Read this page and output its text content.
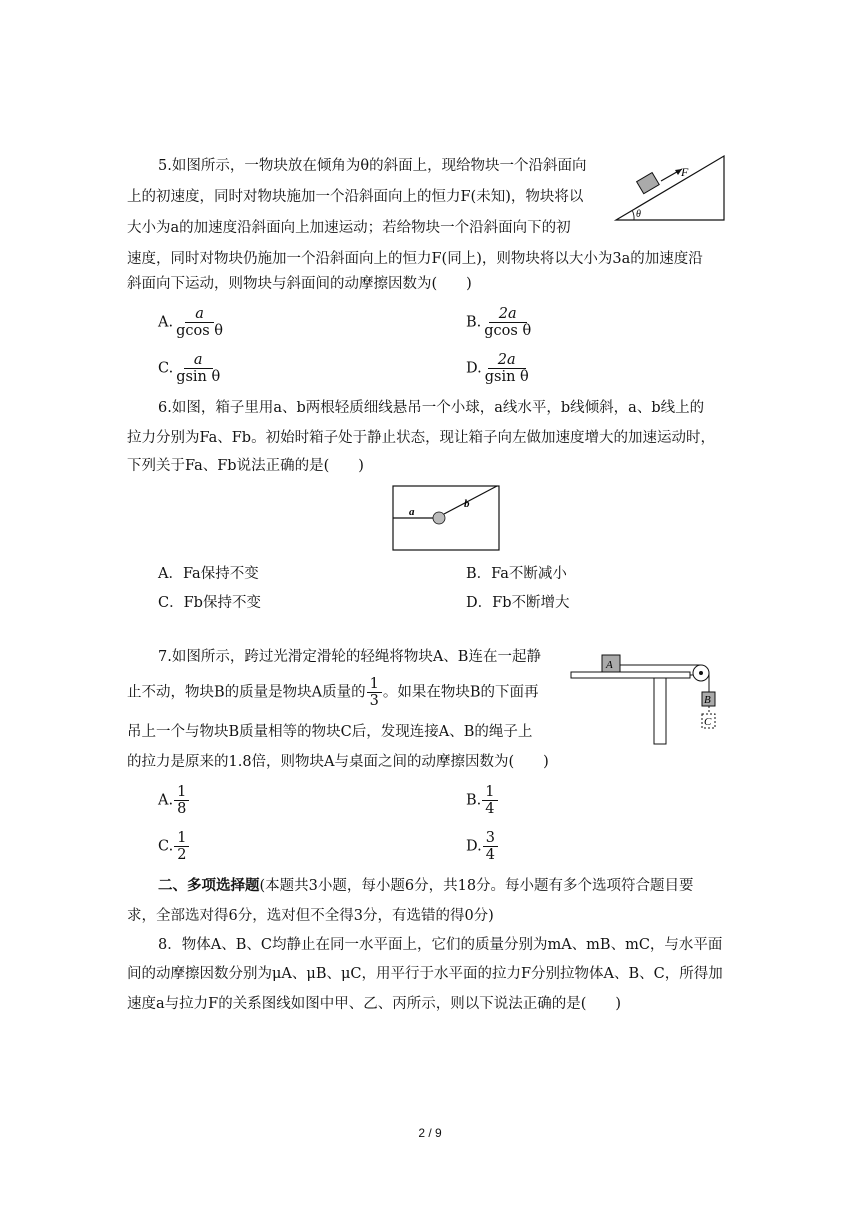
5.如图所示，一物块放在倾角为θ的斜面上，现给物块一个沿斜面向
上的初速度，同时对物块施加一个沿斜面向上的恒力F(未知)，物块将以
大小为a的加速度沿斜面向上加速运动；若给物块一个沿斜面向下的初
速度，同时对物块仍施加一个沿斜面向上的恒力F(同上)，则物块将以大小为3a的加速度沿
斜面向下运动，则物块与斜面间的动摩擦因数为(　　)
F
θ
A. $\frac{a}{\text{gcos θ}}$	B. $\frac{2a}{\text{gcos θ}}$
C. $\frac{a}{\text{gsin θ}}$	D. $\frac{2a}{\text{gsin θ}}$
6.如图，箱子里用a、b两根轻质细线悬吊一个小球，a线水平，b线倾斜，a、b线上的
拉力分别为Fa、Fb。初始时箱子处于静止状态，现让箱子向左做加速度增大的加速运动时，
下列关于Fa、Fb说法正确的是(　　)
a
b
A．Fa保持不变	B．Fa不断减小
C．Fb保持不变	D．Fb不断增大
7.如图所示，跨过光滑定滑轮的轻绳将物块A、B连在一起静
止不动，物块B的质量是物块A质量的 $\frac{1}{3}$ 。如果在物块B的下面再
吊上一个与物块B质量相等的物块C后，发现连接A、B的绳子上
的拉力是原来的1.8倍，则物块A与桌面之间的动摩擦因数为(　　)
A
B
C
A. $\frac{1}{8}$	B. $\frac{1}{4}$
C. $\frac{1}{2}$	D. $\frac{3}{4}$
二、多项选择题(本题共3小题，每小题6分，共18分。每小题有多个选项符合题目要
求，全部选对得6分，选对但不全得3分，有选错的得0分)
8．物体A、B、C均静止在同一水平面上，它们的质量分别为mA、mB、mC，与水平面
间的动摩擦因数分别为μA、μB、μC，用平行于水平面的拉力F分别拉物体A、B、C，所得加
速度a与拉力F的关系图线如图中甲、乙、丙所示，则以下说法正确的是(　　)
2 / 9
